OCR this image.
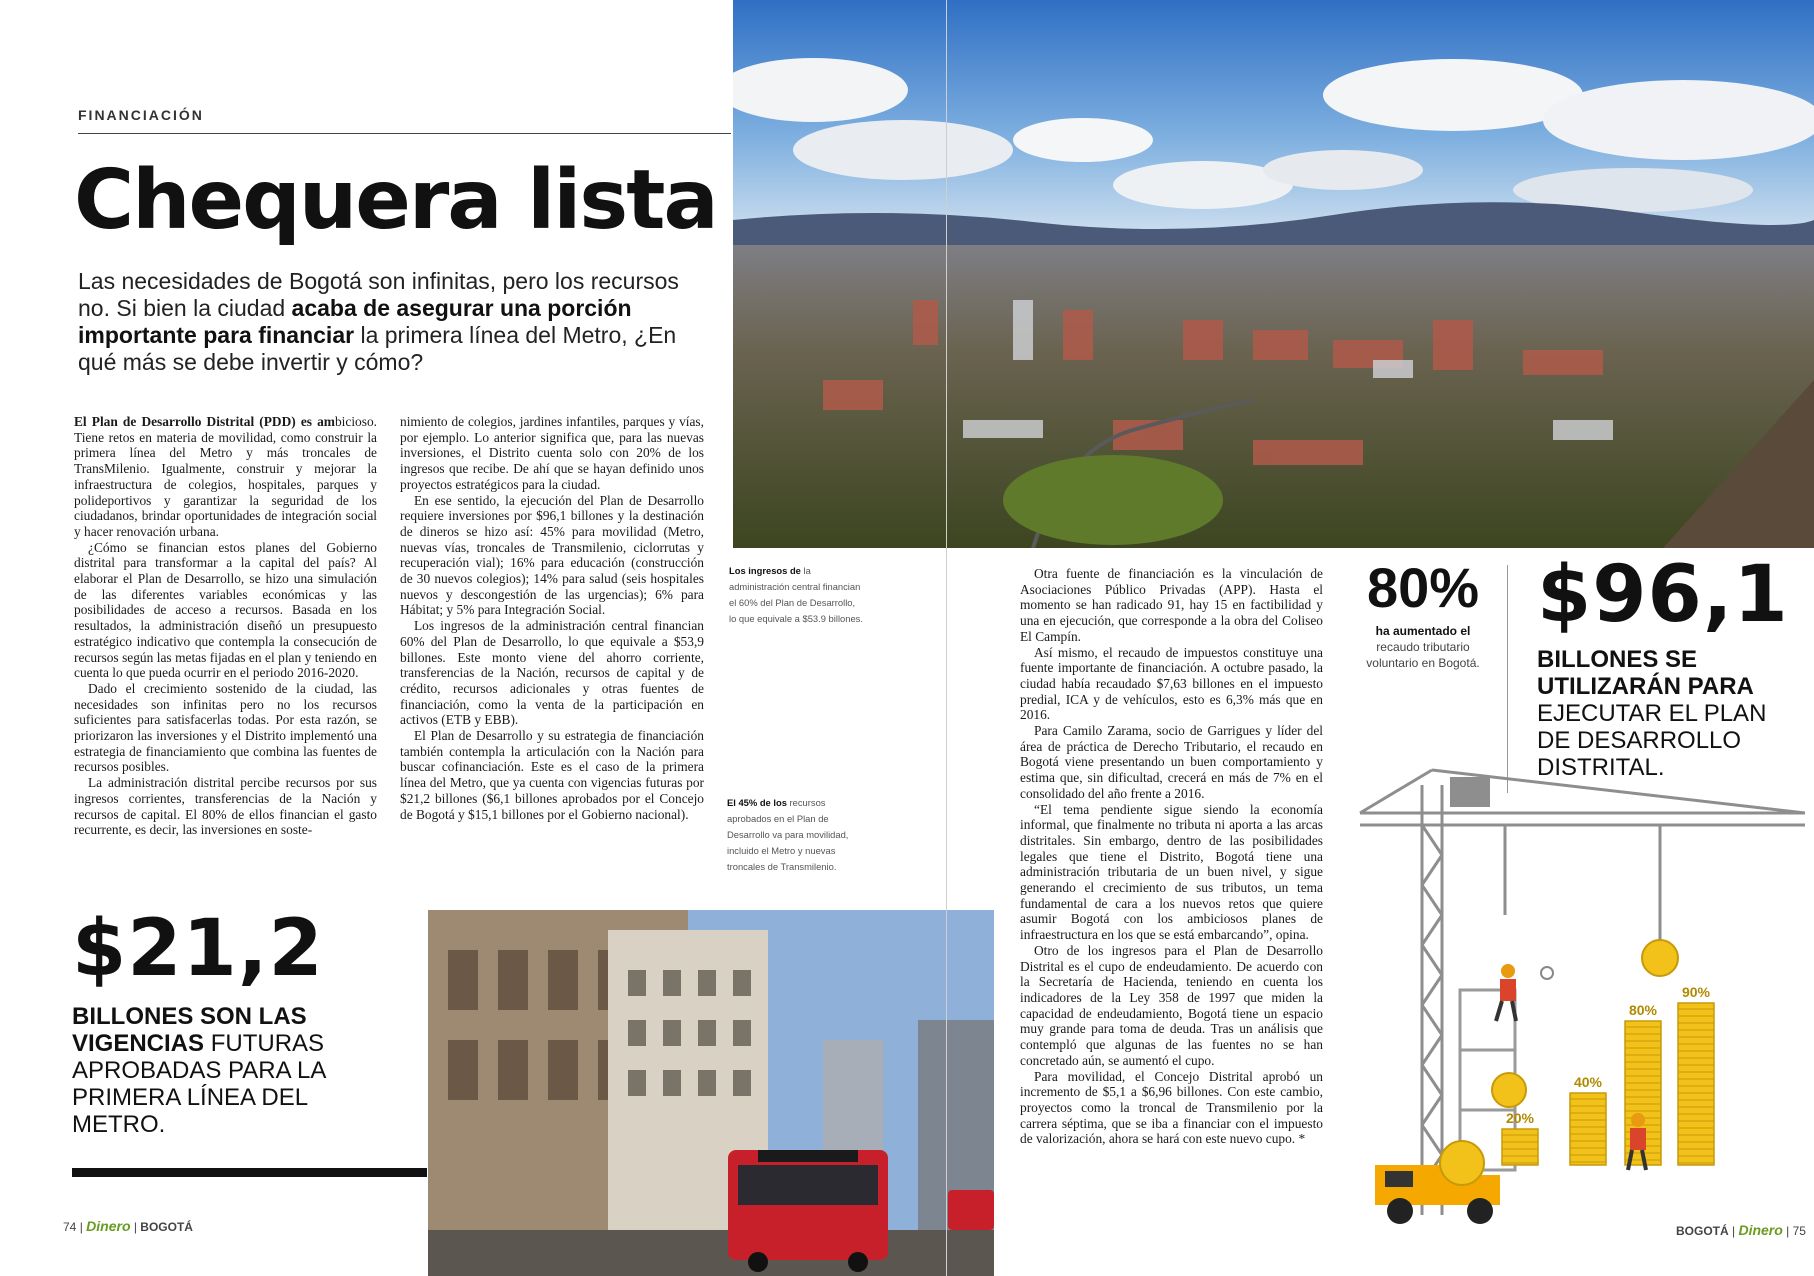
FINANCIACIÓN
Chequera lista
Las necesidades de Bogotá son infinitas, pero los recursos no. Si bien la ciudad acaba de asegurar una porción importante para financiar la primera línea del Metro, ¿En qué más se debe invertir y cómo?

El Plan de Desarrollo Distrital (PDD) es ambicioso. Tiene retos en materia de movilidad, como construir la primera línea del Metro y más troncales de TransMilenio. Igualmente, construir y mejorar la infraestructura de colegios, hospitales, parques y polideportivos y garantizar la seguridad de los ciudadanos, brindar oportunidades de integración social y hacer renovación urbana.

¿Cómo se financian estos planes del Gobierno distrital para transformar a la capital del país? Al elaborar el Plan de Desarrollo, se hizo una simulación de las diferentes variables económicas y las posibilidades de acceso a recursos. Basada en los resultados, la administración diseñó un presupuesto estratégico indicativo que contempla la consecución de recursos según las metas fijadas en el plan y teniendo en cuenta lo que pueda ocurrir en el periodo 2016-2020.

Dado el crecimiento sostenido de la ciudad, las necesidades son infinitas pero no los recursos suficientes para satisfacerlas todas. Por esta razón, se priorizaron las inversiones y el Distrito implementó una estrategia de financiamiento que combina las fuentes de recursos posibles.

La administración distrital percibe recursos por sus ingresos corrientes, transferencias de la Nación y recursos de capital. El 80% de ellos financian el gasto recurrente, es decir, las inversiones en soste-

nimiento de colegios, jardines infantiles, parques y vías, por ejemplo. Lo anterior significa que, para las nuevas inversiones, el Distrito cuenta solo con 20% de los ingresos que recibe. De ahí que se hayan definido unos proyectos estratégicos para la ciudad.

En ese sentido, la ejecución del Plan de Desarrollo requiere inversiones por $96,1 billones y la destinación de dineros se hizo así: 45% para movilidad (Metro, nuevas vías, troncales de Transmilenio, ciclorrutas y recuperación vial); 16% para educación (construcción de 30 nuevos colegios); 14% para salud (seis hospitales nuevos y descongestión de las urgencias); 6% para Hábitat; y 5% para Integración Social.

Los ingresos de la administración central financian 60% del Plan de Desarrollo, lo que equivale a $53,9 billones. Este monto viene del ahorro corriente, transferencias de la Nación, recursos de capital y de crédito, recursos adicionales y otras fuentes de financiación, como la venta de la participación en activos (ETB y EBB).

El Plan de Desarrollo y su estrategia de financiación también contempla la articulación con la Nación para buscar cofinanciación. Este es el caso de la primera línea del Metro, que ya cuenta con vigencias futuras por $21,2 billones ($6,1 billones aprobados por el Concejo de Bogotá y $15,1 billones por el Gobierno nacional).

Los ingresos de la administración central financian el 60% del Plan de Desarrollo, lo que equivale a $53.9 billones.
El 45% de los recursos aprobados en el Plan de Desarrollo va para movilidad, incluido el Metro y nuevas troncales de Transmilenio.
$21,2
BILLONES SON LAS VIGENCIAS FUTURAS APROBADAS PARA LA PRIMERA LÍNEA DEL METRO.
74 | Dinero | BOGOTÁ

Otra fuente de financiación es la vinculación de Asociaciones Público Privadas (APP). Hasta el momento se han radicado 91, hay 15 en factibilidad y una en ejecución, que corresponde a la obra del Coliseo El Campín.

Así mismo, el recaudo de impuestos constituye una fuente importante de financiación. A octubre pasado, la ciudad había recaudado $7,63 billones en el impuesto predial, ICA y de vehículos, esto es 6,3% más que en 2016.

Para Camilo Zarama, socio de Garrigues y líder del área de práctica de Derecho Tributario, el recaudo en Bogotá viene presentando un buen comportamiento y estima que, sin dificultad, crecerá en más de 7% en el consolidado del año frente a 2016.

“El tema pendiente sigue siendo la economía informal, que finalmente no tributa ni aporta a las arcas distritales. Sin embargo, dentro de las posibilidades legales que tiene el Distrito, Bogotá tiene una administración tributaria de un buen nivel, y sigue generando el crecimiento de sus tributos, un tema fundamental de cara a los nuevos retos que quiere asumir Bogotá con los ambiciosos planes de infraestructura en los que se está embarcando”, opina.

Otro de los ingresos para el Plan de Desarrollo Distrital es el cupo de endeudamiento. De acuerdo con la Secretaría de Hacienda, teniendo en cuenta los indicadores de la Ley 358 de 1997 que miden la capacidad de endeudamiento, Bogotá tiene un espacio muy grande para toma de deuda. Tras un análisis que contempló que algunas de las fuentes no se han concretado aún, se aumentó el cupo.

Para movilidad, el Concejo Distrital aprobó un incremento de $5,1 a $6,96 billones. Con este cambio, proyectos como la troncal de Transmilenio por la carrera séptima, que se iba a financiar con el impuesto de valorización, ahora se hará con este nuevo cupo. *

80%
ha aumentado el
recaudo tributario voluntario en Bogotá.
$96,1
BILLONES SE UTILIZARÁN PARA EJECUTAR EL PLAN DE DESARROLLO DISTRITAL.
20%
40%
80%
90%
BOGOTÁ | Dinero | 75
